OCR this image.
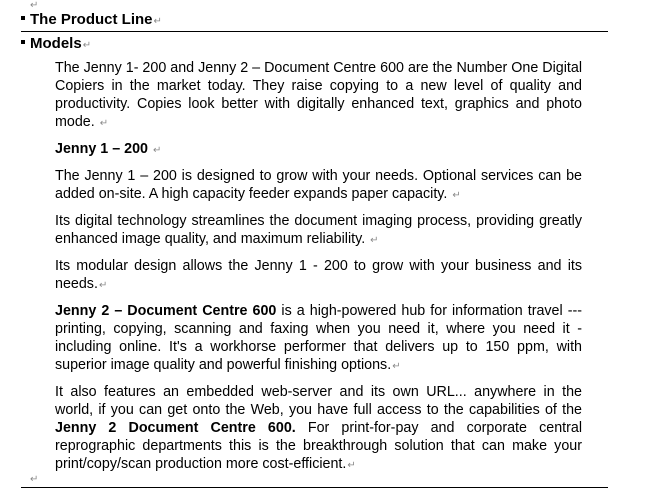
↵
The Product Line↵
Models↵

The Jenny 1- 200 and Jenny 2 – Document Centre 600 are the Number One Digital Copiers in the market today. They raise copying to a new level of quality and productivity. Copies look better with digitally enhanced text, graphics and photo mode. ↵

Jenny 1 – 200 ↵

The Jenny 1 – 200 is designed to grow with your needs. Optional services can be added on-site. A high capacity feeder expands paper capacity. ↵

Its digital technology streamlines the document imaging process, providing greatly enhanced image quality, and maximum reliability. ↵

Its modular design allows the Jenny 1 - 200 to grow with your business and its needs.↵

Jenny 2 – Document Centre 600 is a high-powered hub for information travel ---printing, copying, scanning and faxing when you need it, where you need it - including online. It's a workhorse performer that delivers up to 150 ppm, with superior image quality and powerful finishing options.↵

It also features an embedded web-server and its own URL... anywhere in the world, if you can get onto the Web, you have full access to the capabilities of the Jenny 2 Document Centre 600. For print-for-pay and corporate central reprographic departments this is the breakthrough solution that can make your print/copy/scan production more cost-efficient.↵

↵
